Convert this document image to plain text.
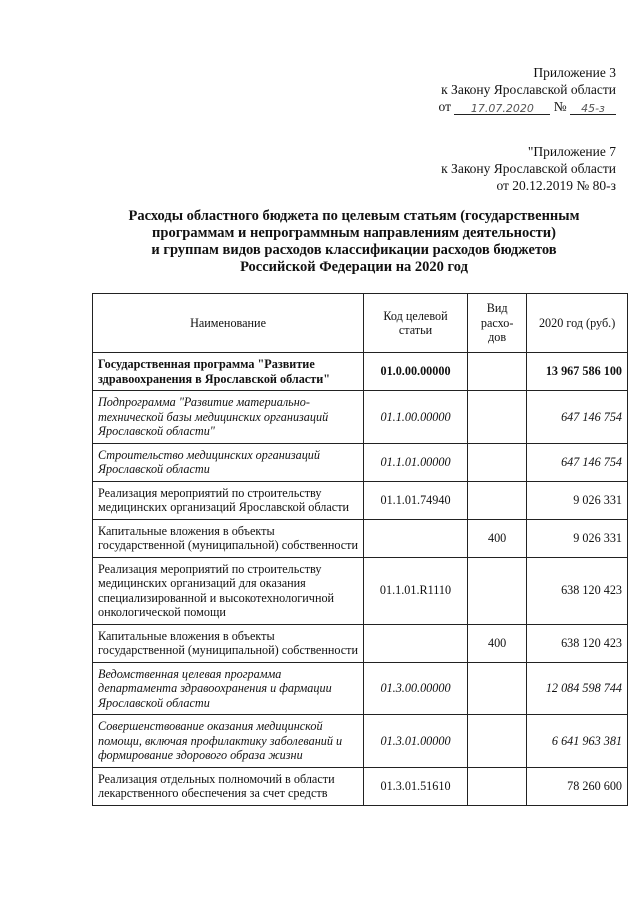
Приложение 3
к Закону Ярославской области
от 17.07.2020 № 45-з
"Приложение 7
к Закону Ярославской области
от 20.12.2019 № 80-з
Расходы областного бюджета по целевым статьям (государственным
программам и непрограммным направлениям деятельности)
и группам видов расходов классификации расходов бюджетов
Российской Федерации на 2020 год
Наименование	Код целевой статьи	Вид расхо-дов	2020 год (руб.)
Государственная программа "Развитие здравоохранения в Ярославской области"	01.0.00.00000		13 967 586 100
Подпрограмма "Развитие материально-технической базы медицинских организаций Ярославской области"	01.1.00.00000		647 146 754
Строительство медицинских организаций Ярославской области	01.1.01.00000		647 146 754
Реализация мероприятий по строительству медицинских организаций Ярославской области	01.1.01.74940		9 026 331
Капитальные вложения в объекты государственной (муниципальной) собственности		400	9 026 331
Реализация мероприятий по строительству медицинских организаций для оказания специализированной и высокотехнологичной онкологической помощи	01.1.01.R1110		638 120 423
Капитальные вложения в объекты государственной (муниципальной) собственности		400	638 120 423
Ведомственная целевая программа департамента здравоохранения и фармации Ярославской области	01.3.00.00000		12 084 598 744
Совершенствование оказания медицинской помощи, включая профилактику заболеваний и формирование здорового образа жизни	01.3.01.00000		6 641 963 381
Реализация отдельных полномочий в области лекарственного обеспечения за счет средств	01.3.01.51610		78 260 600
